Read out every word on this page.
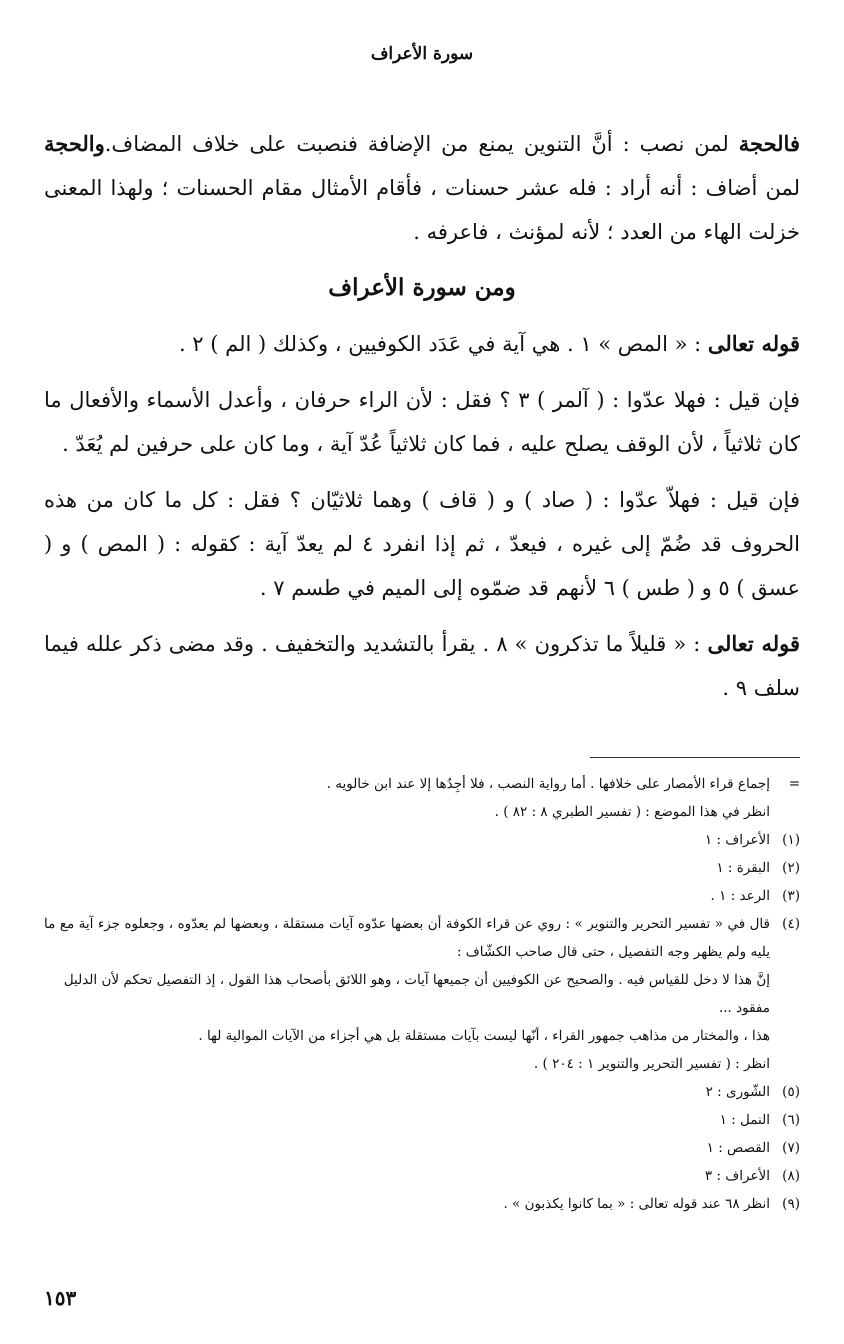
سورة الأعراف

فالحجة لمن نصب : أنَّ التنوين يمنع من الإضافة فنصبت على خلاف المضاف.والحجة لمن أضاف : أنه أراد : فله عشر حسنات ، فأقام الأمثال مقام الحسنات ؛ ولهذا المعنى خزلت الهاء من العدد ؛ لأنه لمؤنث ، فاعرفه .

ومن سورة الأعراف

قوله تعالى : « المص » ١ . هي آية في عَدَد الكوفيين ، وكذلك ( الم ) ٢ .

فإن قيل : فهلا عدّوا : ( آلمر ) ٣ ؟ فقل : لأن الراء حرفان ، وأعدل الأسماء والأفعال ما كان ثلاثياً ، لأن الوقف يصلح عليه ، فما كان ثلاثياً عُدّ آية ، وما كان على حرفين لم يُعَدّ .

فإن قيل : فهلاّ عدّوا : ( صاد ) و ( قاف ) وهما ثلاثيّان ؟ فقل : كل ما كان من هذه الحروف قد ضُمّ إلى غيره ، فيعدّ ، ثم إذا انفرد ٤ لم يعدّ آية : كقوله : ( المص ) و ( عسق ) ٥ و ( طس ) ٦ لأنهم قد ضمّوه إلى الميم في طسم ٧ .

قوله تعالى : « قليلاً ما تذكرون » ٨ . يقرأ بالتشديد والتخفيف . وقد مضى ذكر علله فيما سلف ٩ .

=
إجماع قراء الأمصار على خلافها . أما رواية النصب ، فلا أجِدُها إلا عند ابن خالويه .
انظر في هذا الموضع : ( تفسير الطبري ٨ : ٨٢ ) .
(١)
الأعراف : ١
(٢)
البقرة : ١
(٣)
الرعد : ١ .
(٤)
قال في « تفسير التحرير والتنوير » : روي عن قراء الكوفة أن بعضها عدّوه آيات مستقلة ، وبعضها لم يعدّوه ، وجعلوه جزء آية مع ما يليه ولم يظهر وجه التفصيل ، حتى قال صاحب الكشّاف :
إنَّ هذا لا دخل للقياس فيه . والصحيح عن الكوفيين أن جميعها آيات ، وهو اللائق بأصحاب هذا القول ، إذ التفصيل تحكم لأن الدليل مفقود ...
هذا ، والمختار من مذاهب جمهور القراء ، أنّها ليست بآيات مستقلة بل هي أجزاء من الآيات الموالية لها .
انظر : ( تفسير التحرير والتنوير ١ : ٢٠٤ ) .
(٥)
الشّورى : ٢
(٦)
النمل : ١
(٧)
القصص : ١
(٨)
الأعراف : ٣
(٩)
انظر ٦٨ عند قوله تعالى : « بما كانوا يكذبون » .
١٥٣
